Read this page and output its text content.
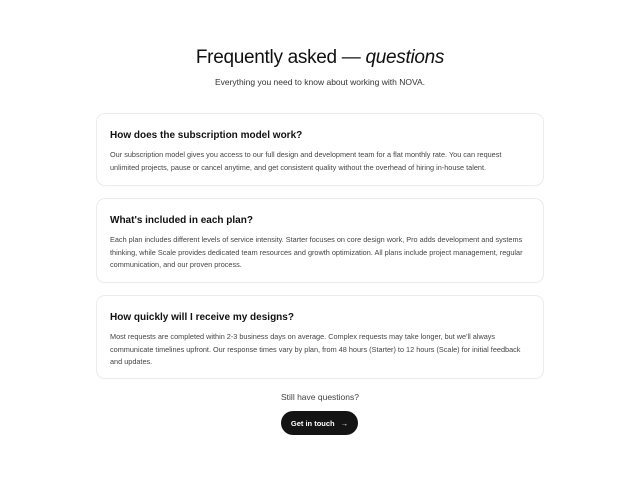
Frequently asked — questions
Everything you need to know about working with NOVA.
How does the subscription model work?

Our subscription model gives you access to our full design and development team for a flat monthly rate. You can request unlimited projects, pause or cancel anytime, and get consistent quality without the overhead of hiring in-house talent.

What's included in each plan?

Each plan includes different levels of service intensity. Starter focuses on core design work, Pro adds development and systems thinking, while Scale provides dedicated team resources and growth optimization. All plans include project management, regular communication, and our proven process.

How quickly will I receive my designs?

Most requests are completed within 2-3 business days on average. Complex requests may take longer, but we'll always communicate timelines upfront. Our response times vary by plan, from 48 hours (Starter) to 12 hours (Scale) for initial feedback and updates.

Still have questions?
Get in touch →
